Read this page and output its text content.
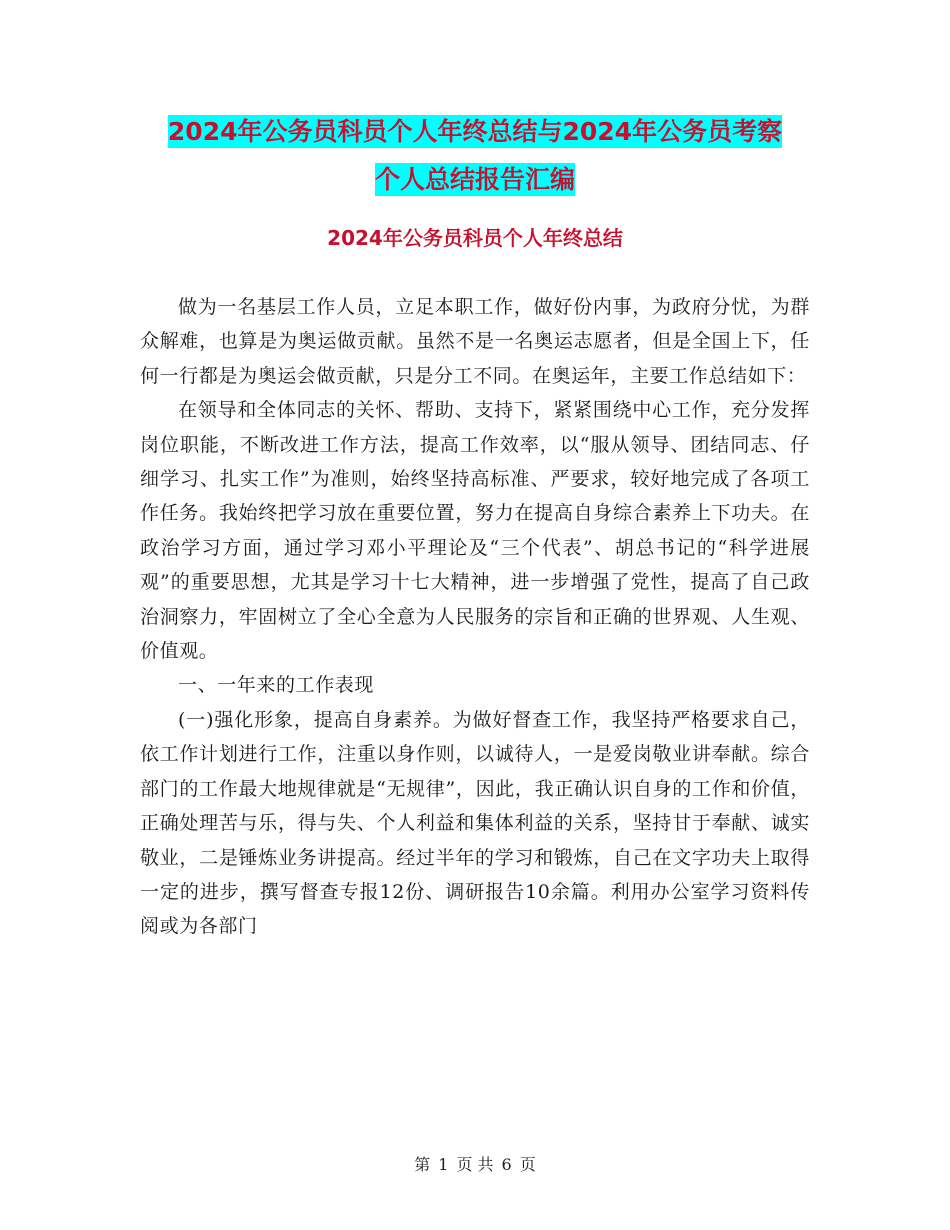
2024年公务员科员个人年终总结与2024年公务员考察
个人总结报告汇编
2024年公务员科员个人年终总结

做为一名基层工作人员，立足本职工作，做好份内事，为政府分忧，为群众解难，也算是为奥运做贡献。虽然不是一名奥运志愿者，但是全国上下，任何一行都是为奥运会做贡献，只是分工不同。在奥运年，主要工作总结如下：

在领导和全体同志的关怀、帮助、支持下，紧紧围绕中心工作，充分发挥岗位职能，不断改进工作方法，提高工作效率，以“服从领导、团结同志、仔细学习、扎实工作”为准则，始终坚持高标准、严要求，较好地完成了各项工作任务。我始终把学习放在重要位置，努力在提高自身综合素养上下功夫。在政治学习方面，通过学习邓小平理论及“三个代表”、胡总书记的“科学进展观”的重要思想，尤其是学习十七大精神，进一步增强了党性，提高了自己政治洞察力，牢固树立了全心全意为人民服务的宗旨和正确的世界观、人生观、价值观。

一、一年来的工作表现

(一)强化形象，提高自身素养。为做好督查工作，我坚持严格要求自己，依工作计划进行工作，注重以身作则，以诚待人，一是爱岗敬业讲奉献。综合部门的工作最大地规律就是“无规律”，因此，我正确认识自身的工作和价值，正确处理苦与乐，得与失、个人利益和集体利益的关系，坚持甘于奉献、诚实敬业，二是锤炼业务讲提高。经过半年的学习和锻炼，自己在文字功夫上取得一定的进步，撰写督查专报12份、调研报告10余篇。利用办公室学习资料传阅或为各部门

第 1 页 共 6 页
